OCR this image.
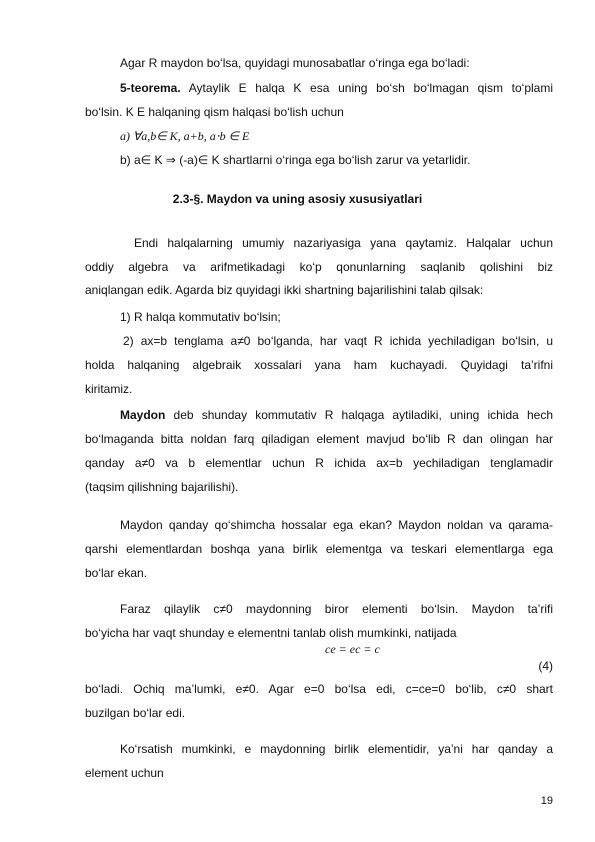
Agar R maydon bo‘lsa, quyidagi munosabatlar o‘ringa ega bo‘ladi:
5-teorema. Aytaylik E halqa K esa uning bo‘sh bo‘lmagan qism to‘plami
bo‘lsin. K E halqaning qism halqasi bo‘lish uchun
a) ∀a,b∈ K, a+b, a⋅b ∈ E
b) a∈ K ⇒ (-a)∈ K shartlarni o‘ringa ega bo‘lish zarur va yetarlidir.
2.3-§. Maydon va uning asosiy xususiyatlari
Endi halqalarning umumiy nazariyasiga yana qaytamiz. Halqalar uchun
oddiy algebra va arifmetikadagi ko‘p qonunlarning saqlanib qolishini biz
aniqlangan edik. Agarda biz quyidagi ikki shartning bajarilishini talab qilsak:
1) R halqa kommutativ bo‘lsin;
2) ax=b tenglama a≠0 bo‘lganda, har vaqt R ichida yechiladigan bo‘lsin, u
holda halqaning algebraik xossalari yana ham kuchayadi. Quyidagi ta’rifni
kiritamiz.
Maydon deb shunday kommutativ R halqaga aytiladiki, uning ichida hech
bo‘lmaganda bitta noldan farq qiladigan element mavjud bo‘lib R dan olingan har
qanday a≠0 va b elementlar uchun R ichida ax=b yechiladigan tenglamadir
(taqsim qilishning bajarilishi).
Maydon qanday qo‘shimcha hossalar ega ekan? Maydon noldan va qarama-
qarshi elementlardan boshqa yana birlik elementga va teskari elementlarga ega
bo‘lar ekan.
Faraz qilaylik c≠0 maydonning biror elementi bo‘lsin. Maydon ta’rifi
bo‘yicha har vaqt shunday e elementni tanlab olish mumkinki, natijada
ce = ec = c
(4)
bo‘ladi. Ochiq ma’lumki, e≠0. Agar e=0 bo‘lsa edi, c=ce=0 bo‘lib, c≠0 shart
buzilgan bo‘lar edi.
Ko‘rsatish mumkinki, e maydonning birlik elementidir, ya’ni har qanday a
element uchun
19
